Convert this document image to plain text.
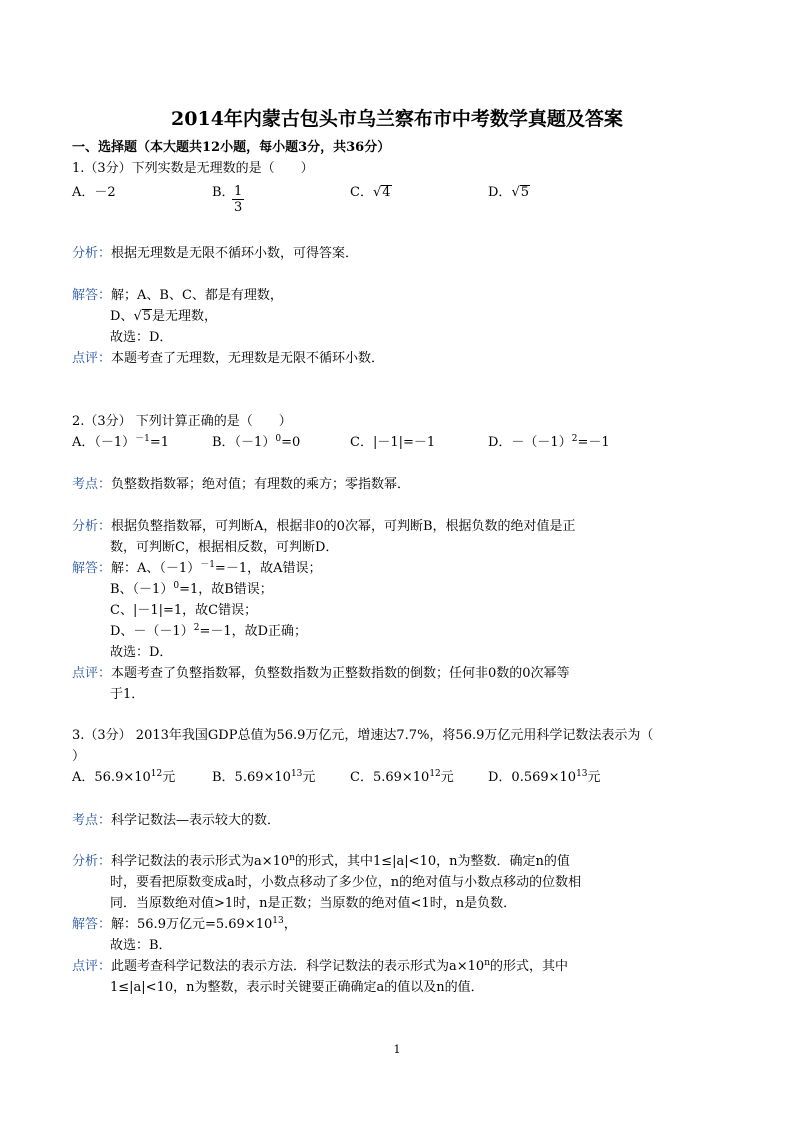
2014年内蒙古包头市乌兰察布市中考数学真题及答案
一、选择题（本大题共12小题，每小题3分，共36分）
1.（3分）下列实数是无理数的是（　　）
A．－2	B．
$\frac{1}{3}$	C．√4	D．√5
分析：根据无理数是无限不循环小数，可得答案．
解答：解；A、B、C、都是有理数，
D、√5是无理数，
故选：D．
点评：本题考查了无理数，无理数是无限不循环小数．
2.（3分） 下列计算正确的是（　　）
A．$(-1)^{-1}=1$	B．$(-1)^0=0$	C．|－1|=－1	D．$-(-1)^2=-1$
考点：负整数指数幂；绝对值；有理数的乘方；零指数幂．
分析：根据负整指数幂，可判断A，根据非0的0次幂，可判断B，根据负数的绝对值是正
数，可判断C，根据相反数，可判断D．
解答：解：A、$(-1)^{-1}=-1$，故A错误；
B、$(-1)^0=1$，故B错误；
C、|－1|=1，故C错误；
D、$-(-1)^2=-1$，故D正确；
故选：D．
点评：本题考查了负整指数幂，负整数指数为正整数指数的倒数；任何非0数的0次幂等
于1．
3.（3分） 2013年我国GDP总值为56.9万亿元，增速达7.7%，将56.9万亿元用科学记数法表示为（
）
A．$56.9\times 10^{12}$元	B．$5.69\times 10^{13}$元	C．$5.69\times 10^{12}$元	D．$0.569\times 10^{13}$元
考点：科学记数法—表示较大的数．
分析：科学记数法的表示形式为$a\times 10^n$的形式，其中1≤|a|<10，n为整数．确定n的值
时，要看把原数变成a时，小数点移动了多少位，n的绝对值与小数点移动的位数相
同．当原数绝对值>1时，n是正数；当原数的绝对值<1时，n是负数．
解答：解：56.9万亿元$=5.69\times 10^{13}$，
故选：B．
点评：此题考查科学记数法的表示方法．科学记数法的表示形式为$a\times 10^n$的形式，其中
1≤|a|<10，n为整数，表示时关键要正确确定a的值以及n的值．
1
